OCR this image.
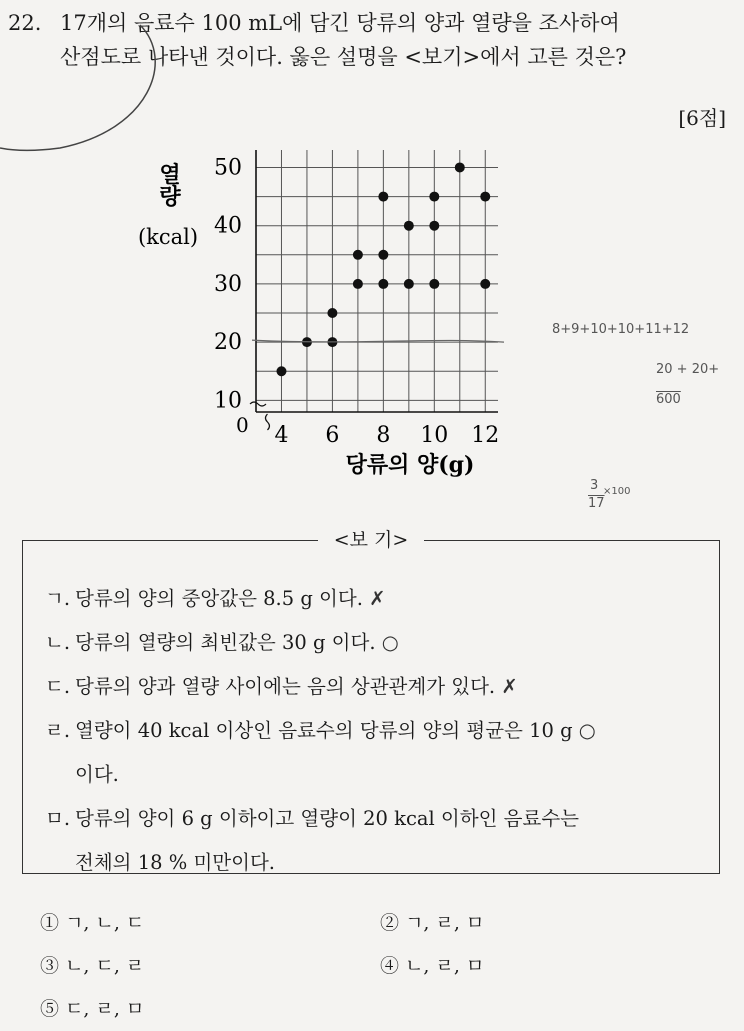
22. 17개의 음료수 100 mL에 담긴 당류의 양과 열량을 조사하여
산점도로 나타낸 것이다. 옳은 설명을 <보기>에서 고른 것은?
[6점]
4 6 8 10 12
10
20
30
40
50
열
량
(kcal)
0
당류의 양(g)
<보 기>
ㄱ. 당류의 양의 중앙값은 8.5 g 이다. ✗
ㄴ. 당류의 열량의 최빈값은 30 g 이다. ○
ㄷ. 당류의 양과 열량 사이에는 음의 상관관계가 있다. ✗
ㄹ. 열량이 40 kcal 이상인 음료수의 당류의 양의 평균은 10 g ○
이다.
ㅁ. 당류의 양이 6 g 이하이고 열량이 20 kcal 이하인 음료수는
전체의 18 % 미만이다.
① ㄱ, ㄴ, ㄷ	② ㄱ, ㄹ, ㅁ
③ ㄴ, ㄷ, ㄹ	④ ㄴ, ㄹ, ㅁ
⑤ ㄷ, ㄹ, ㅁ
8+9+10+10+11+12
20 + 20+
600
3
17
×100
